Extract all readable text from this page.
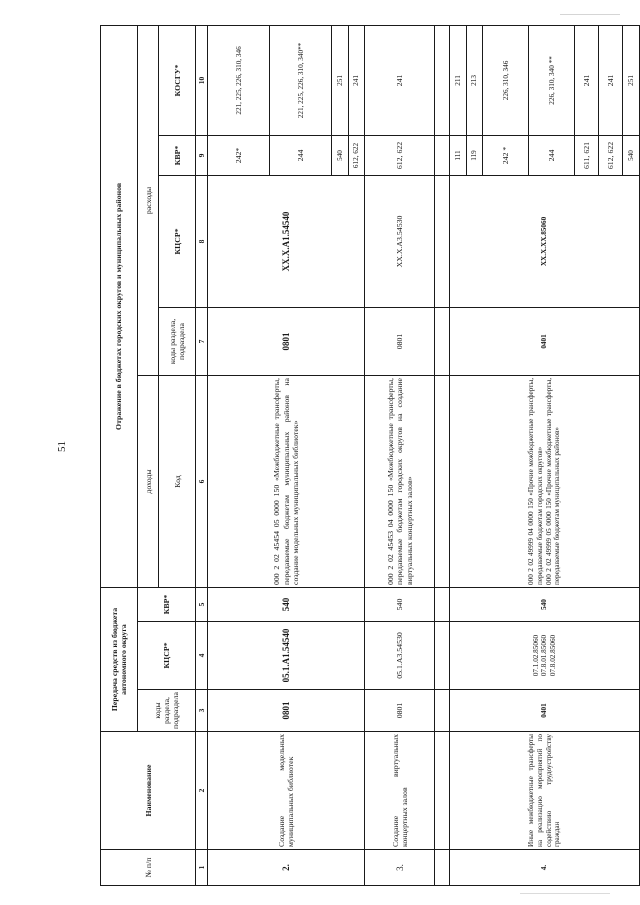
51
№ п/п	Наименование	Передача средств из бюджета автономного округа			Отражение в бюджетах городских округов и муниципальных районов				
		коды раздела, подраздела	КЦСР*	КВР*	доходы	расходы			
					Код	коды раздела, подраздела	КЦСР*	КВР*	КОСГУ*
1	2	3	4	5	6	7	8	9	10
2.	Создание модельных муниципальных библиотек	0801	05.1.А1.54540	540	000 2 02 45454 05 0000 150 «Межбюджетные трансферты, передаваемые бюджетам муниципальных районов на создание модельных муниципальных библиотек»	0801	ХХ.Х.А1.54540	242*	221, 225, 226, 310, 346
								244	221, 225, 226, 310, 340**
								540	251
								612, 622	241
3.	Создание виртуальных концертных залов	0801	05.1.А3.54530	540	000 2 02 45453 04 0000 150 «Межбюджетные трансферты, передаваемые бюджетам городских округов на создание виртуальных концертных залов»	0801	ХХ.Х.А3.54530	612, 622	241

4.	Иные межбюджетные трансферты на реализацию мероприятий по содействию трудоустройству граждан	0401	07.1.02.85060 07.8.01.85060 07.8.02.85060	540	000 2 02 49999 04 0000 150 «Прочие межбюджетные трансферты, передаваемые бюджетам городских округов» 000 2 02 49999 05 0000 150 «Прочие межбюджетные трансферты, передаваемые бюджетам муниципальных районов»	0401	ХХ.Х.ХХ.85060	111	211
								119	213
								242 *	226, 310, 346
								244	226, 310, 340 **
								611, 621	241
								612, 622	241
								540	251
